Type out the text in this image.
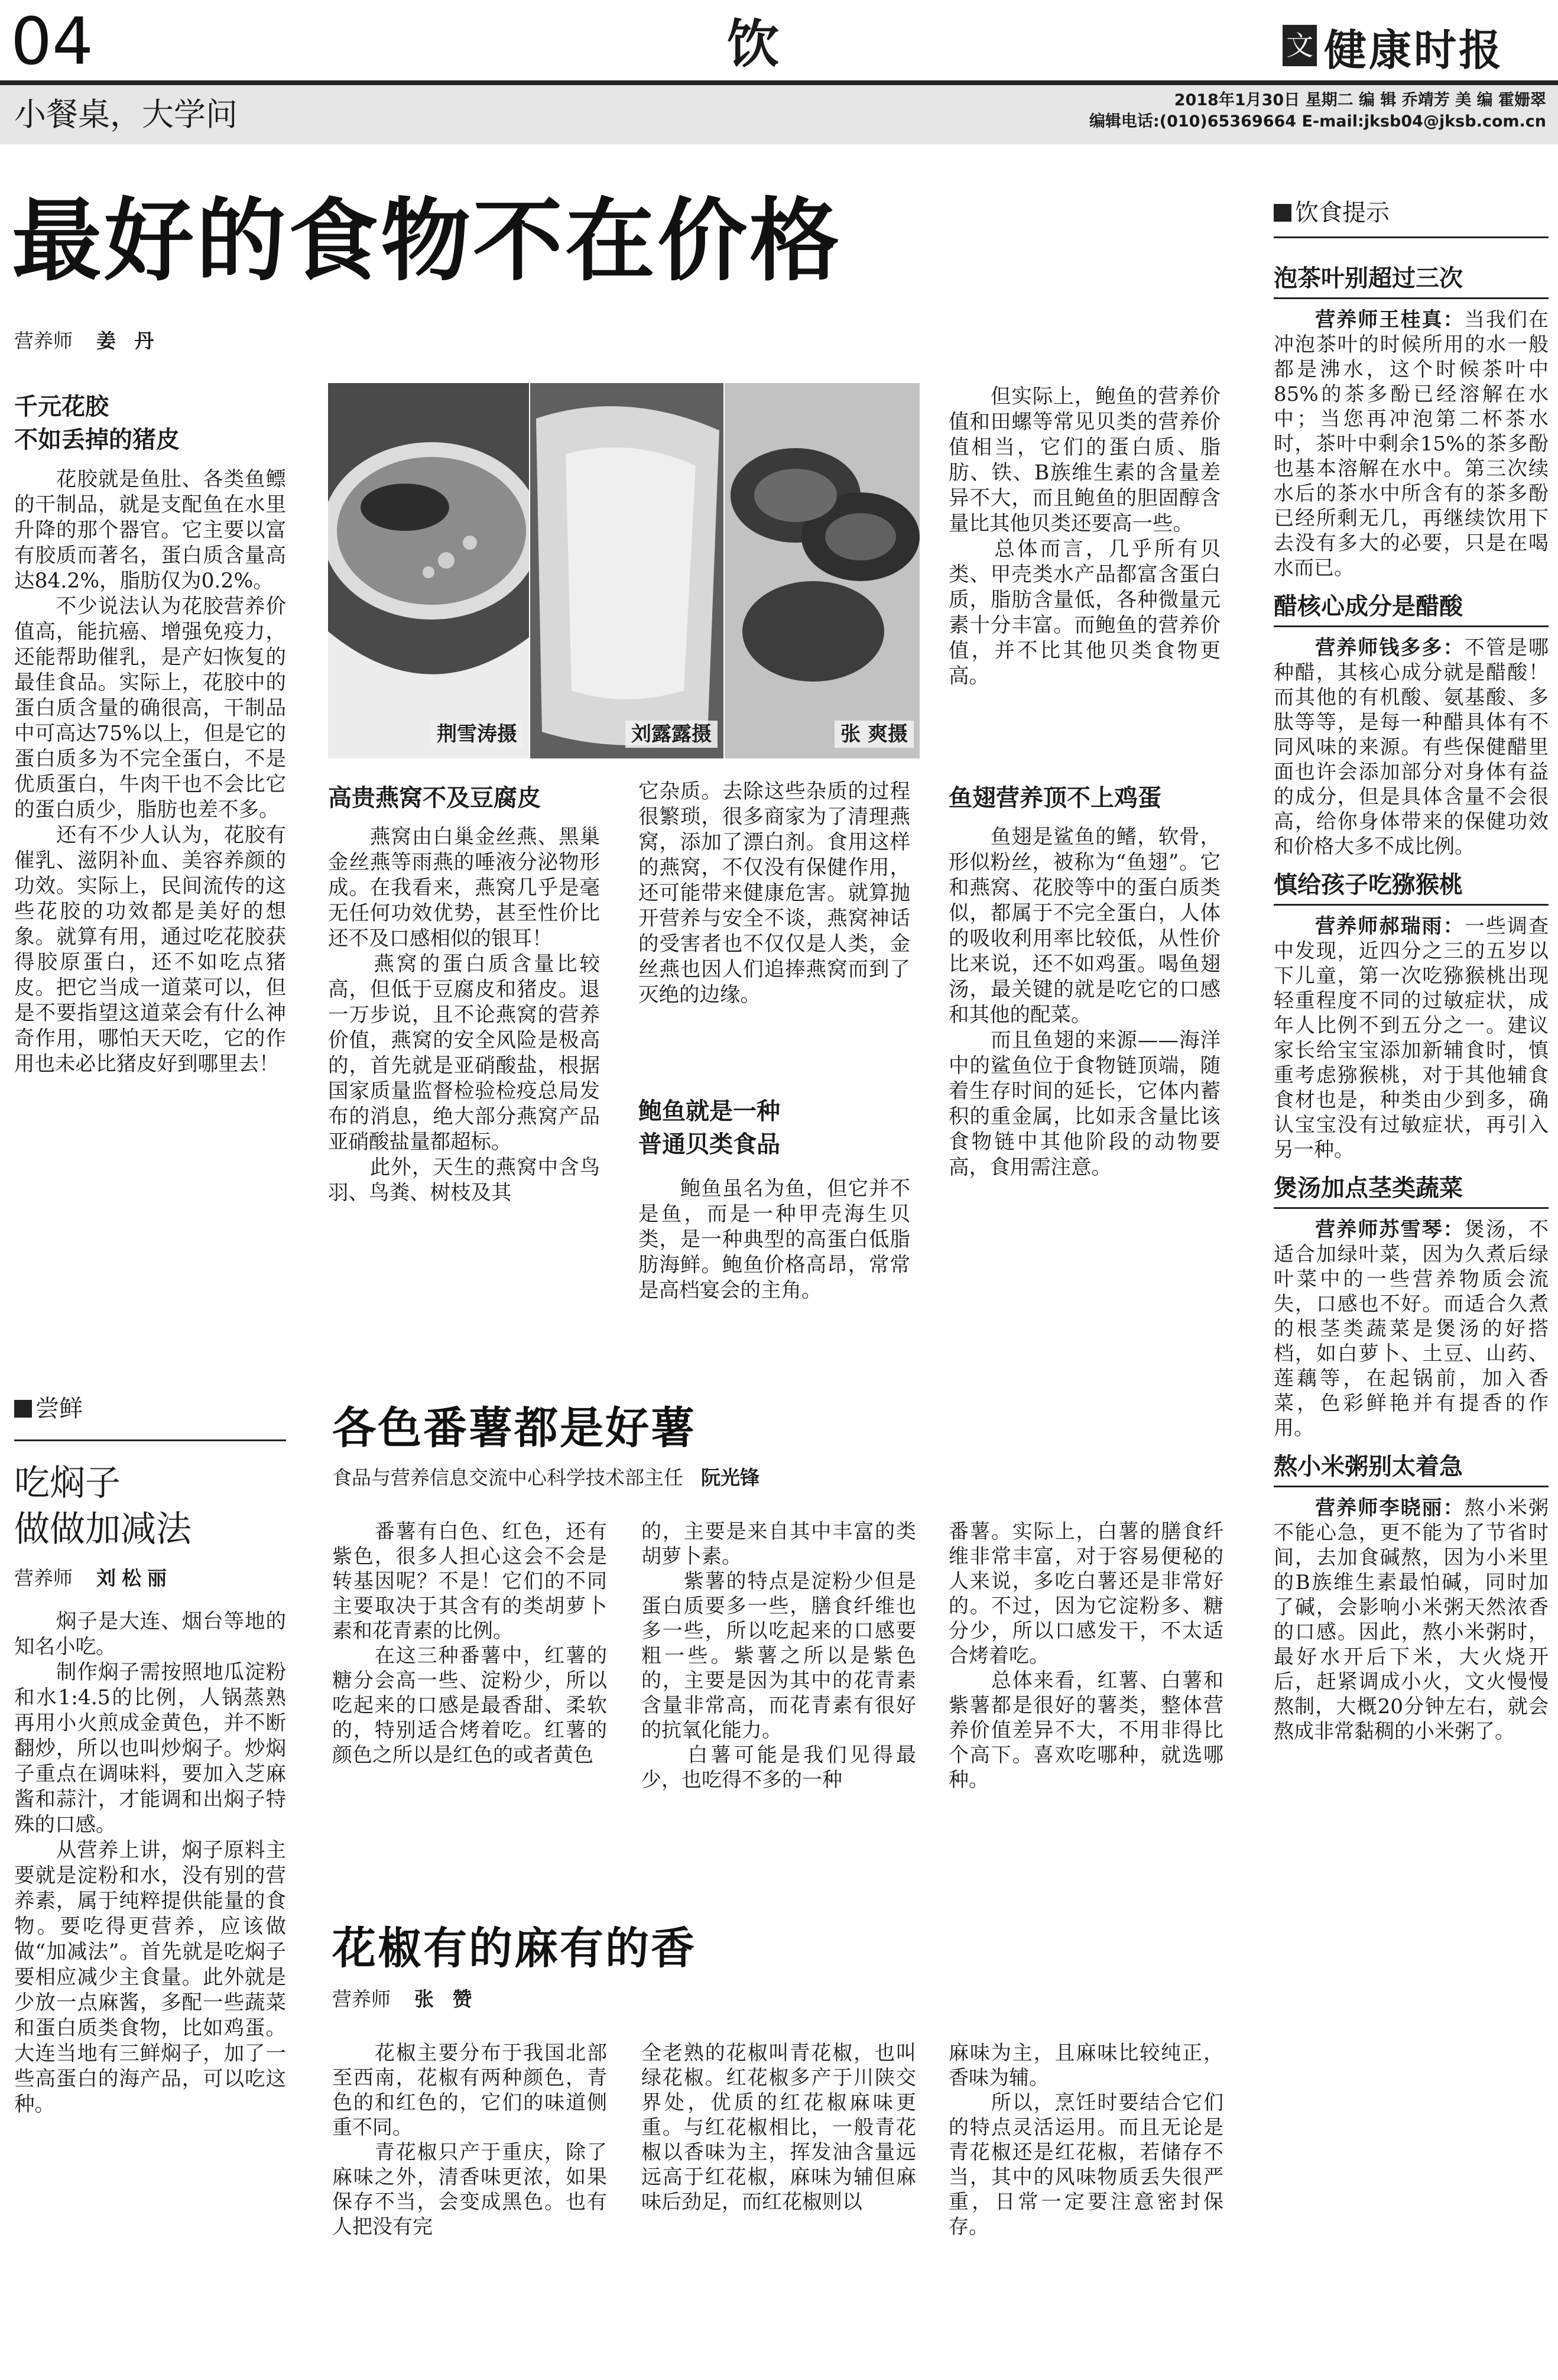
04	饮	文 健康时报
小餐桌，大学问	2018年1月30日 星期二 编 辑 乔靖芳 美 编 霍姗翠
编辑电话:(010)65369664 E-mail:jksb04@jksb.com.cn
最好的食物不在价格
营养师 姜 丹
千元花胶
不如丢掉的猪皮
　　花胶就是鱼肚、各类鱼鳔的干制品，就是支配鱼在水里升降的那个器官。它主要以富有胶质而著名，蛋白质含量高达84.2%，脂肪仅为0.2%。
　　不少说法认为花胶营养价值高，能抗癌、增强免疫力，还能帮助催乳，是产妇恢复的最佳食品。实际上，花胶中的蛋白质含量的确很高，干制品中可高达75%以上，但是它的蛋白质多为不完全蛋白，不是优质蛋白，牛肉干也不会比它的蛋白质少，脂肪也差不多。
　　还有不少人认为，花胶有催乳、滋阴补血、美容养颜的功效。实际上，民间流传的这些花胶的功效都是美好的想象。就算有用，通过吃花胶获得胶原蛋白，还不如吃点猪皮。把它当成一道菜可以，但是不要指望这道菜会有什么神奇作用，哪怕天天吃，它的作用也未必比猪皮好到哪里去！
荆雪涛摄	刘露露摄	张 爽摄
高贵燕窝不及豆腐皮
　　燕窝由白巢金丝燕、黑巢金丝燕等雨燕的唾液分泌物形成。在我看来，燕窝几乎是毫无任何功效优势，甚至性价比还不及口感相似的银耳！
　　燕窝的蛋白质含量比较高，但低于豆腐皮和猪皮。退一万步说，且不论燕窝的营养价值，燕窝的安全风险是极高的，首先就是亚硝酸盐，根据国家质量监督检验检疫总局发布的消息，绝大部分燕窝产品亚硝酸盐量都超标。
　　此外，天生的燕窝中含鸟羽、鸟粪、树枝及其
它杂质。去除这些杂质的过程很繁琐，很多商家为了清理燕窝，添加了漂白剂。食用这样的燕窝，不仅没有保健作用，还可能带来健康危害。就算抛开营养与安全不谈，燕窝神话的受害者也不仅仅是人类，金丝燕也因人们追捧燕窝而到了灭绝的边缘。
鲍鱼就是一种
普通贝类食品
　　鲍鱼虽名为鱼，但它并不是鱼，而是一种甲壳海生贝类，是一种典型的高蛋白低脂肪海鲜。鲍鱼价格高昂，常常是高档宴会的主角。
　　但实际上，鲍鱼的营养价值和田螺等常见贝类的营养价值相当，它们的蛋白质、脂肪、铁、B族维生素的含量差异不大，而且鲍鱼的胆固醇含量比其他贝类还要高一些。
　　总体而言，几乎所有贝类、甲壳类水产品都富含蛋白质，脂肪含量低，各种微量元素十分丰富。而鲍鱼的营养价值，并不比其他贝类食物更高。
鱼翅营养顶不上鸡蛋
　　鱼翅是鲨鱼的鳍，软骨，形似粉丝，被称为“鱼翅”。它和燕窝、花胶等中的蛋白质类似，都属于不完全蛋白，人体的吸收利用率比较低，从性价比来说，还不如鸡蛋。喝鱼翅汤，最关键的就是吃它的口感和其他的配菜。
　　而且鱼翅的来源——海洋中的鲨鱼位于食物链顶端，随着生存时间的延长，它体内蓄积的重金属，比如汞含量比该食物链中其他阶段的动物要高，食用需注意。
尝鲜
吃焖子
做做加减法
营养师 刘松丽
　　焖子是大连、烟台等地的知名小吃。
　　制作焖子需按照地瓜淀粉和水1:4.5的比例，人锅蒸熟再用小火煎成金黄色，并不断翻炒，所以也叫炒焖子。炒焖子重点在调味料，要加入芝麻酱和蒜汁，才能调和出焖子特殊的口感。
　　从营养上讲，焖子原料主要就是淀粉和水，没有别的营养素，属于纯粹提供能量的食物。要吃得更营养，应该做做“加减法”。首先就是吃焖子要相应减少主食量。此外就是少放一点麻酱，多配一些蔬菜和蛋白质类食物，比如鸡蛋。大连当地有三鲜焖子，加了一些高蛋白的海产品，可以吃这种。
各色番薯都是好薯
食品与营养信息交流中心科学技术部主任 阮光锋
　　番薯有白色、红色，还有紫色，很多人担心这会不会是转基因呢？不是！它们的不同主要取决于其含有的类胡萝卜素和花青素的比例。
　　在这三种番薯中，红薯的糖分会高一些、淀粉少，所以吃起来的口感是最香甜、柔软的，特别适合烤着吃。红薯的颜色之所以是红色的或者黄色
的，主要是来自其中丰富的类胡萝卜素。
　　紫薯的特点是淀粉少但是蛋白质要多一些，膳食纤维也多一些，所以吃起来的口感要粗一些。紫薯之所以是紫色的，主要是因为其中的花青素含量非常高，而花青素有很好的抗氧化能力。
　　白薯可能是我们见得最少，也吃得不多的一种
番薯。实际上，白薯的膳食纤维非常丰富，对于容易便秘的人来说，多吃白薯还是非常好的。不过，因为它淀粉多、糖分少，所以口感发干，不太适合烤着吃。
　　总体来看，红薯、白薯和紫薯都是很好的薯类，整体营养价值差异不大，不用非得比个高下。喜欢吃哪种，就选哪种。
花椒有的麻有的香
营养师 张 赞
　　花椒主要分布于我国北部至西南，花椒有两种颜色，青色的和红色的，它们的味道侧重不同。
　　青花椒只产于重庆，除了麻味之外，清香味更浓，如果保存不当，会变成黑色。也有人把没有完
全老熟的花椒叫青花椒，也叫绿花椒。红花椒多产于川陕交界处，优质的红花椒麻味更重。与红花椒相比，一般青花椒以香味为主，挥发油含量远远高于红花椒，麻味为辅但麻味后劲足，而红花椒则以
麻味为主，且麻味比较纯正，香味为辅。
　　所以，烹饪时要结合它们的特点灵活运用。而且无论是青花椒还是红花椒，若储存不当，其中的风味物质丢失很严重，日常一定要注意密封保存。
饮食提示
泡茶叶别超过三次
  营养师王桂真：当我们在冲泡茶叶的时候所用的水一般都是沸水，这个时候茶叶中85%的茶多酚已经溶解在水中；当您再冲泡第二杯茶水时，茶叶中剩余15%的茶多酚也基本溶解在水中。第三次续水后的茶水中所含有的茶多酚已经所剩无几，再继续饮用下去没有多大的必要，只是在喝水而已。
醋核心成分是醋酸
  营养师钱多多：不管是哪种醋，其核心成分就是醋酸！而其他的有机酸、氨基酸、多肽等等，是每一种醋具体有不同风味的来源。有些保健醋里面也许会添加部分对身体有益的成分，但是具体含量不会很高，给你身体带来的保健功效和价格大多不成比例。
慎给孩子吃猕猴桃
  营养师郝瑞雨：一些调查中发现，近四分之三的五岁以下儿童，第一次吃猕猴桃出现轻重程度不同的过敏症状，成年人比例不到五分之一。建议家长给宝宝添加新辅食时，慎重考虑猕猴桃，对于其他辅食食材也是，种类由少到多，确认宝宝没有过敏症状，再引入另一种。
煲汤加点茎类蔬菜
  营养师苏雪琴：煲汤，不适合加绿叶菜，因为久煮后绿叶菜中的一些营养物质会流失，口感也不好。而适合久煮的根茎类蔬菜是煲汤的好搭档，如白萝卜、土豆、山药、莲藕等，在起锅前，加入香菜，色彩鲜艳并有提香的作用。
熬小米粥别太着急
  营养师李晓丽：熬小米粥不能心急，更不能为了节省时间，去加食碱熬，因为小米里的B族维生素最怕碱，同时加了碱，会影响小米粥天然浓香的口感。因此，熬小米粥时，最好水开后下米，大火烧开后，赶紧调成小火，文火慢慢熬制，大概20分钟左右，就会熬成非常黏稠的小米粥了。
